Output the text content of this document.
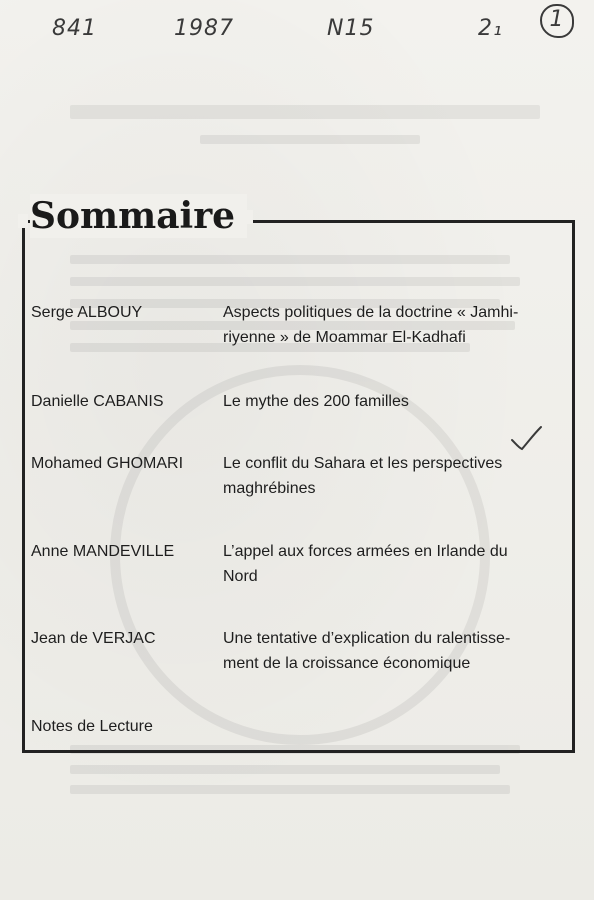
841	1987	N15	2₁	1
Sommaire
Serge ALBOUY	Aspects politiques de la doctrine « Jamhi-
riyenne » de Moammar El-Kadhafi
Danielle CABANIS	Le mythe des 200 familles
Mohamed GHOMARI	Le conflit du Sahara et les perspectives
maghrébines
Anne MANDEVILLE	L’appel aux forces armées en Irlande du
Nord
Jean de VERJAC	Une tentative d’explication du ralentisse-
ment de la croissance économique
Notes de Lecture
